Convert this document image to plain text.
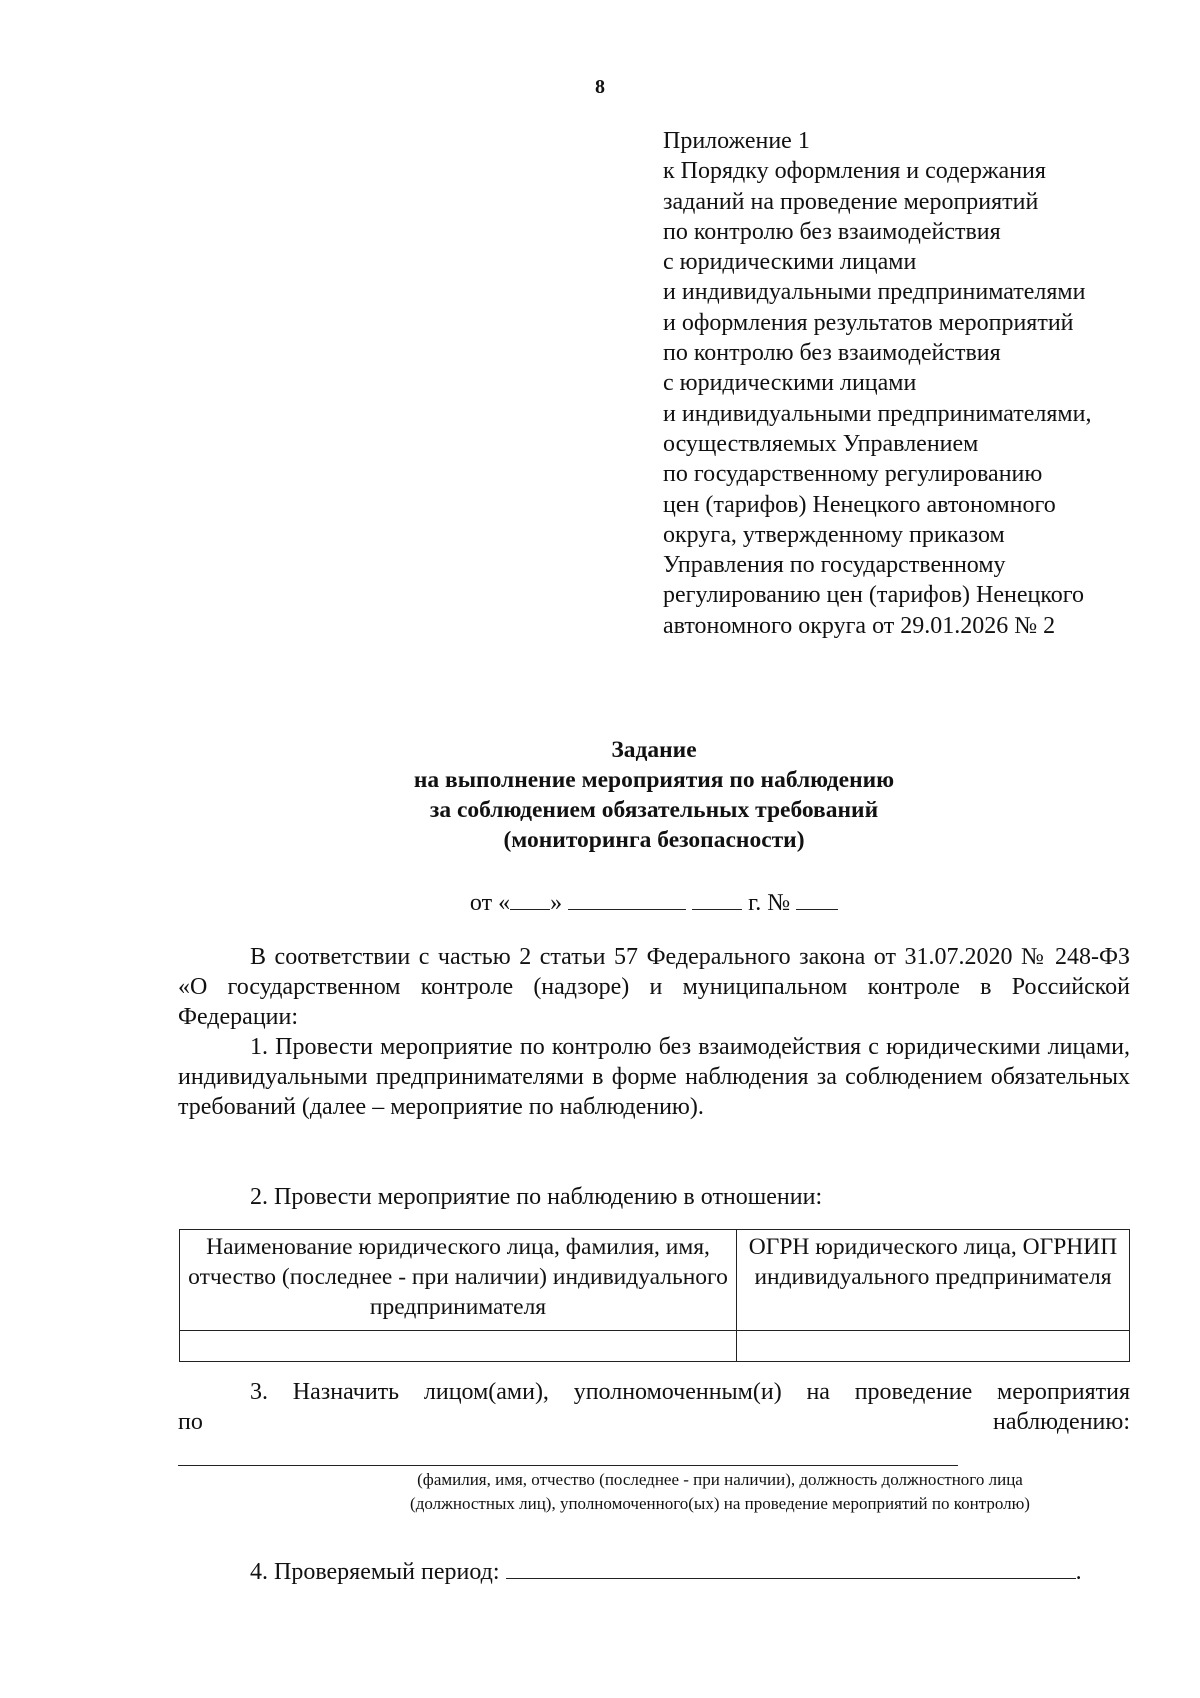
8
Приложение 1
к Порядку оформления и содержания
заданий на проведение мероприятий
по контролю без взаимодействия
с юридическими лицами
и индивидуальными предпринимателями
и оформления результатов мероприятий
по контролю без взаимодействия
с юридическими лицами
и индивидуальными предпринимателями,
осуществляемых Управлением
по государственному регулированию
цен (тарифов) Ненецкого автономного
округа, утвержденному приказом
Управления по государственному
регулированию цен (тарифов) Ненецкого
автономного округа от 29.01.2026 № 2
Задание
на выполнение мероприятия по наблюдению
за соблюдением обязательных требований
(мониторинга безопасности)
от « »	г. №
В соответствии с частью 2 статьи 57 Федерального закона от 31.07.2020 № 248-ФЗ «О государственном контроле (надзоре) и муниципальном контроле в Российской Федерации:
1. Провести мероприятие по контролю без взаимодействия с юридическими лицами, индивидуальными предпринимателями в форме наблюдения за соблюдением обязательных требований (далее – мероприятие по наблюдению).
2. Провести мероприятие по наблюдению в отношении:
Наименование юридического лица, фамилия, имя, отчество (последнее - при наличии) индивидуального предпринимателя	ОГРН юридического лица, ОГРНИП индивидуального предпринимателя

3. Назначить лицом(ами), уполномоченным(и) на проведение мероприятия
по	наблюдению:
(фамилия, имя, отчество (последнее - при наличии), должность должностного лица
(должностных лиц), уполномоченного(ых) на проведение мероприятий по контролю)
4. Проверяемый период:	.
